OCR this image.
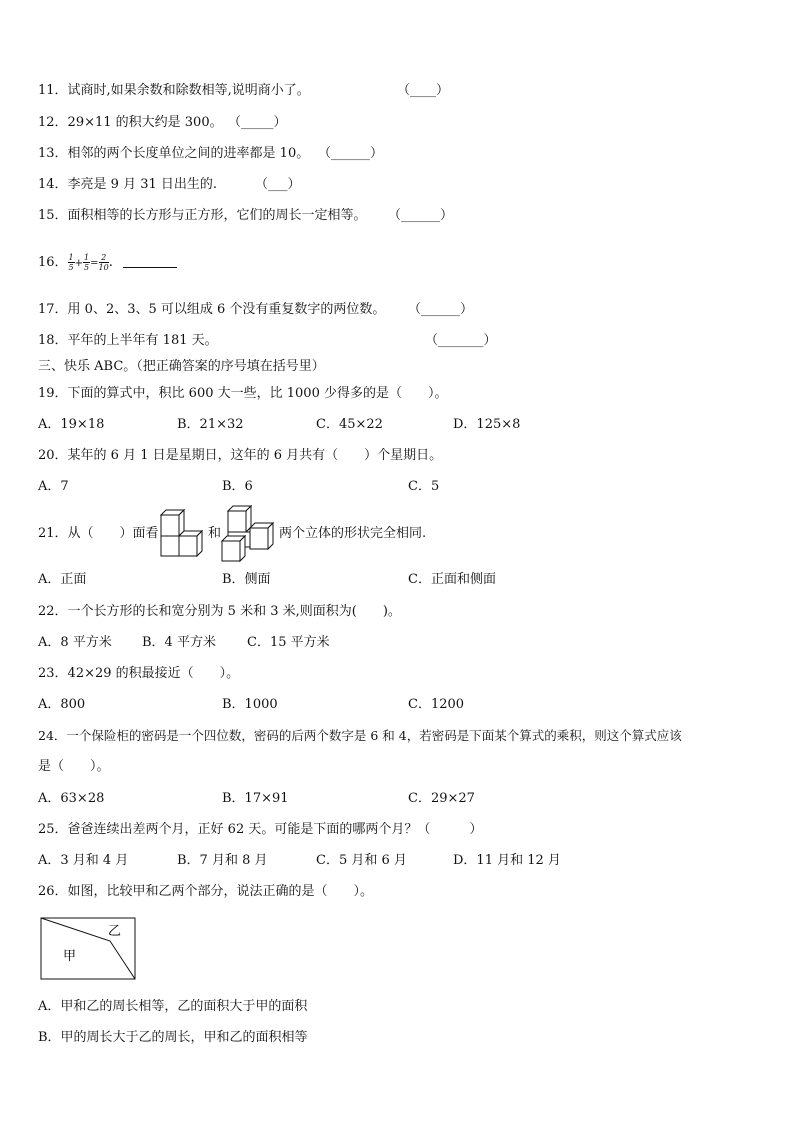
11．试商时,如果余数和除数相等,说明商小了。	（____）
12．29×11 的积大约是 300。 （_____）
13．相邻的两个长度单位之间的进率都是 10。 （______）
14．李亮是 9 月 31 日出生的.	（___）
15．面积相等的长方形与正方形，它们的周长一定相等。 （______）
16． $\frac{1}{5} + \frac{1}{5} = \frac{2}{10}$ .
17．用 0、2、3、5 可以组成 6 个没有重复数字的两位数。 （______）
18．平年的上半年有 181 天。	（_______）
三、快乐 ABC。（把正确答案的序号填在括号里）
19．下面的算式中，积比 600 大一些，比 1000 少得多的是（　　）。
A．19×18	B．21×32	C．45×22	D．125×8
20．某年的 6 月 1 日是星期日，这年的 6 月共有（　　）个星期日。
A．7	B．6	C．5
21．从（　　）面看	和	两个立体的形状完全相同.
A．正面	B．侧面	C．正面和侧面
22．一个长方形的长和宽分别为 5 米和 3 米,则面积为(　　)。
A．8 平方米 B．4 平方米 C．15 平方米
23．42×29 的积最接近（　　）。
A．800	B．1000	C．1200
24．一个保险柜的密码是一个四位数，密码的后两个数字是 6 和 4，若密码是下面某个算式的乘积，则这个算式应该
是（　　）。
A．63×28	B．17×91	C．29×27
25．爸爸连续出差两个月，正好 62 天。可能是下面的哪两个月？（　　　）
A．3 月和 4 月	B．7 月和 8 月	C．5 月和 6 月	D．11 月和 12 月
26．如图，比较甲和乙两个部分，说法正确的是（　　）。
乙
甲
A．甲和乙的周长相等，乙的面积大于甲的面积
B．甲的周长大于乙的周长，甲和乙的面积相等
